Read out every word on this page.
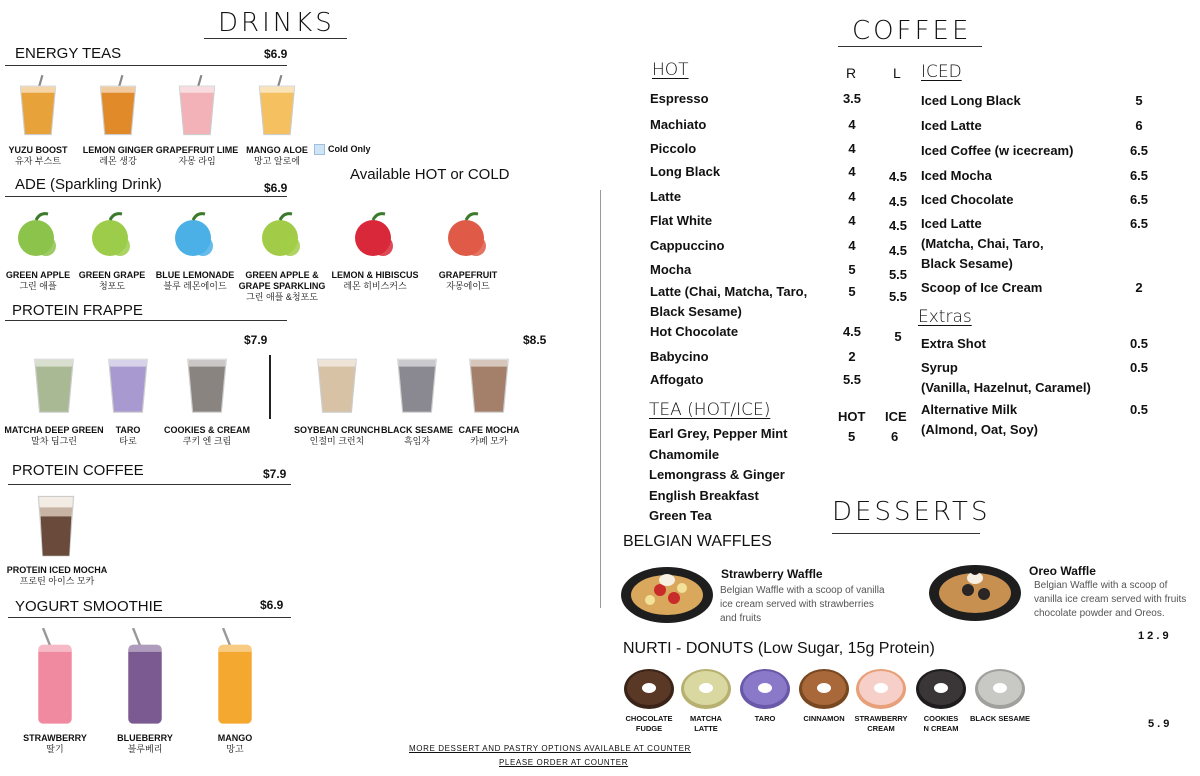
DRINKS
ENERGY TEAS	$6.9
YUZU BOOST
유자 부스트
LEMON GINGER
레몬 생강
GRAPEFRUIT LIME
자몽 라임
MANGO ALOE
망고 알로에
Cold Only
ADE (Sparkling Drink)	$6.9
Available HOT or COLD
GREEN APPLE
그린 애플
GREEN GRAPE
청포도
BLUE LEMONADE
블루 레몬에이드
GREEN APPLE &
GRAPE SPARKLING
그린 애플 &청포도
LEMON & HIBISCUS
레몬 히비스커스
GRAPEFRUIT
자몽에이드
PROTEIN FRAPPE
$7.9	$8.5
MATCHA DEEP GREEN
말차 딥그린
TARO
타로
COOKIES & CREAM
쿠키 엔 크림
SOYBEAN CRUNCH
인절미 크런치
BLACK SESAME
흑임자
CAFE MOCHA
카페 모카
PROTEIN COFFEE	$7.9
PROTEIN ICED MOCHA
프로틴 아이스 모카
YOGURT SMOOTHIE	$6.9
STRAWBERRY
딸기
BLUEBERRY
블루베리
MANGO
망고
COFFEE
HOT	R	L
Espresso	3.5
Machiato	4
Piccolo	4
Long Black	4	4.5
Latte	4	4.5
Flat White	4	4.5
Cappuccino	4	4.5
Mocha	5	5.5
Latte (Chai, Matcha, Taro,
Black Sesame)
5	5.5
Hot Chocolate	4.5	5
Babycino	2
Affogato	5.5
ICED
Iced Long Black	5
Iced Latte	6
Iced Coffee (w icecream)	6.5
Iced Mocha	6.5
Iced Chocolate	6.5
Iced Latte
(Matcha, Chai, Taro,
Black Sesame)
6.5
Scoop of Ice Cream	2
Extras
Extra Shot	0.5
Syrup
(Vanilla, Hazelnut, Caramel)
0.5
Alternative Milk
(Almond, Oat, Soy)
0.5
TEA (HOT/ICE)	HOT ICE
5	6
Earl Grey, Pepper Mint
Chamomile
Lemongrass & Ginger
English Breakfast
Green Tea	DESSERTS
BELGIAN WAFFLES
Strawberry Waffle
Belgian Waffle with a scoop of vanilla
ice cream served with strawberries
and fruits
Oreo Waffle
Belgian Waffle with a scoop of
vanilla ice cream served with fruits
chocolate powder and Oreos.
1 2 . 9
NURTI - DONUTS (Low Sugar, 15g Protein)
CHOCOLATE
FUDGE
MATCHA
LATTE
TARO	CINNAMON	STRAWBERRY
CREAM
COOKIES
N CREAM
BLACK SESAME	5 . 9
MORE DESSERT AND PASTRY OPTIONS AVAILABLE AT COUNTER
PLEASE ORDER AT COUNTER
